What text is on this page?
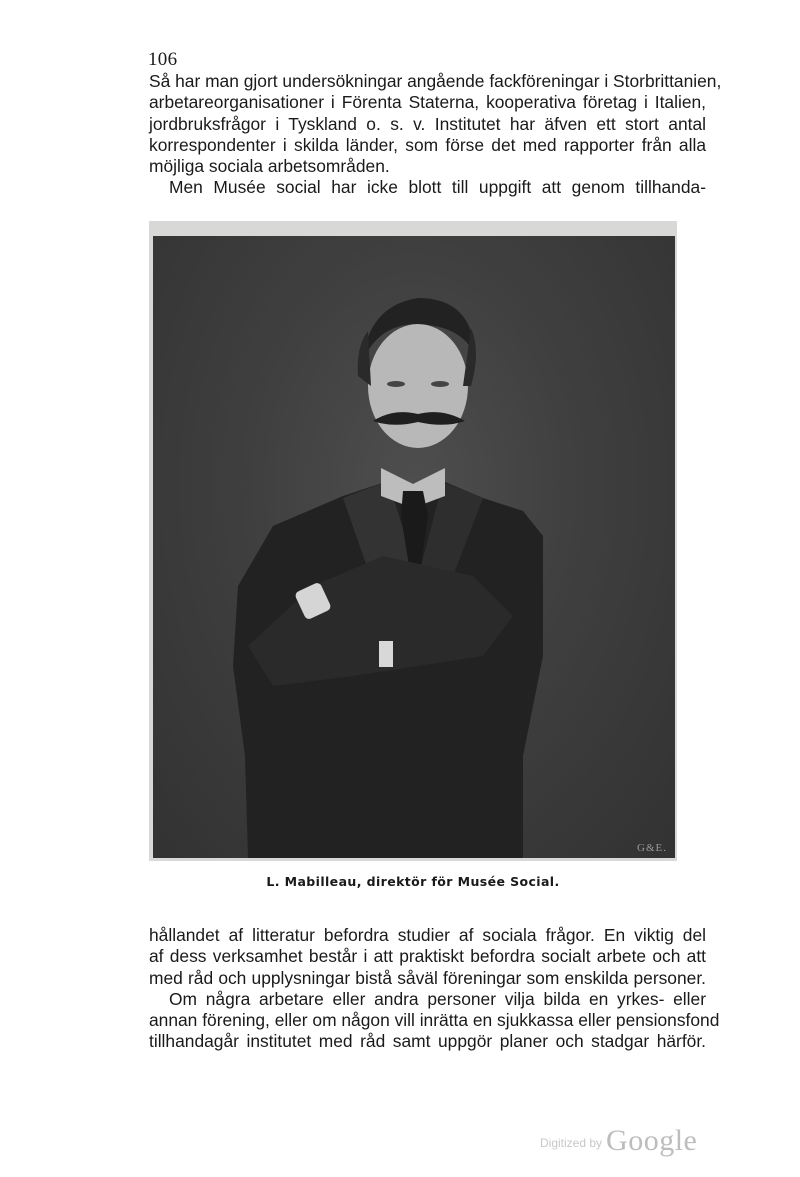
106
Så har man gjort undersökningar angående fackföreningar i Storbrittanien,
arbetareorganisationer i Förenta Staterna, kooperativa företag i Italien,
jordbruksfrågor i Tyskland o. s. v. Institutet har äfven ett stort antal
korrespondenter i skilda länder, som förse det med rapporter från alla
möjliga sociala arbetsområden.
Men Musée social har icke blott till uppgift att genom tillhanda-
G&E.
L. Mabilleau, direktör för Musée Social.
hållandet af litteratur befordra studier af sociala frågor. En viktig del
af dess verksamhet består i att praktiskt befordra socialt arbete och att
med råd och upplysningar bistå såväl föreningar som enskilda personer.
Om några arbetare eller andra personer vilja bilda en yrkes- eller
annan förening, eller om någon vill inrätta en sjukkassa eller pensionsfond
tillhandagår institutet med råd samt uppgör planer och stadgar härför.
Digitized by Google
